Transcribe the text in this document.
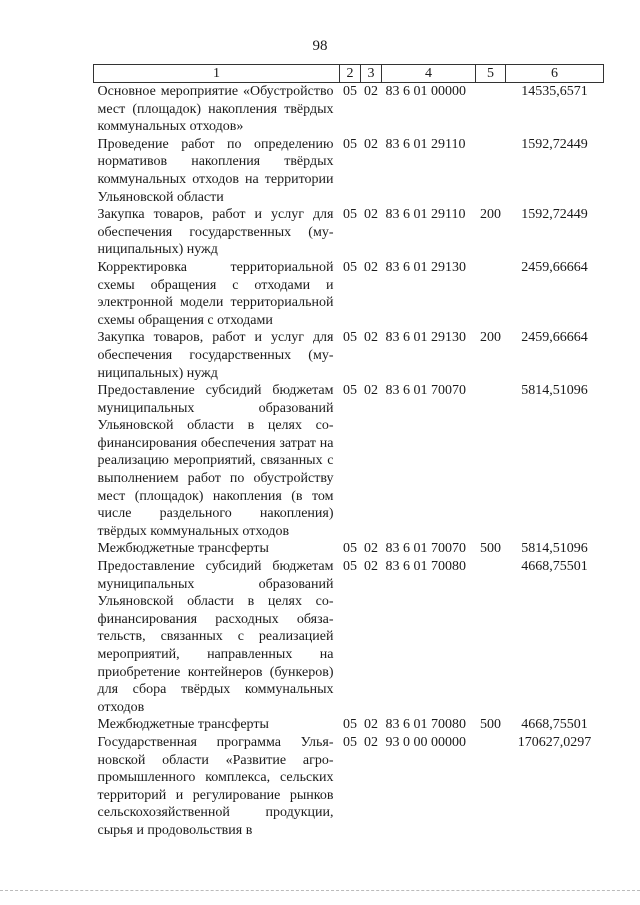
98
1	2	3	4	5	6
Основное мероприятие «Обустройство мест (площадок) накопления твёрдых коммунальных отходов»	05	02	83 6 01 00000		14535,6571
Проведение работ по определению нормативов накопления твёрдых коммунальных отходов на территории Ульяновской области	05	02	83 6 01 29110		1592,72449
Закупка товаров, работ и услуг для обеспечения государственных (муниципальных) нужд	05	02	83 6 01 29110	200	1592,72449
Корректировка территориальной схемы обращения с отходами и электронной модели территориальной схемы обращения с отходами	05	02	83 6 01 29130		2459,66664
Закупка товаров, работ и услуг для обеспечения государственных (муниципальных) нужд	05	02	83 6 01 29130	200	2459,66664
Предоставление субсидий бюджетам муниципальных образований Ульяновской области в целях софинансирования обеспечения затрат на реализацию мероприятий, связанных с выполнением работ по обустройству мест (площадок) накопления (в том числе раздельного накопления) твёрдых коммунальных отходов	05	02	83 6 01 70070		5814,51096
Межбюджетные трансферты	05	02	83 6 01 70070	500	5814,51096
Предоставление субсидий бюджетам муниципальных образований Ульяновской области в целях софинансирования расходных обязательств, связанных с реализацией мероприятий, направленных на приобретение контейнеров (бункеров) для сбора твёрдых коммунальных отходов	05	02	83 6 01 70080		4668,75501
Межбюджетные трансферты	05	02	83 6 01 70080	500	4668,75501
Государственная программа Ульяновской области «Развитие агропромышленного комплекса, сельских территорий и регулирование рынков сельскохозяйственной продукции, сырья и продовольствия в	05	02	93 0 00 00000		170627,0297
